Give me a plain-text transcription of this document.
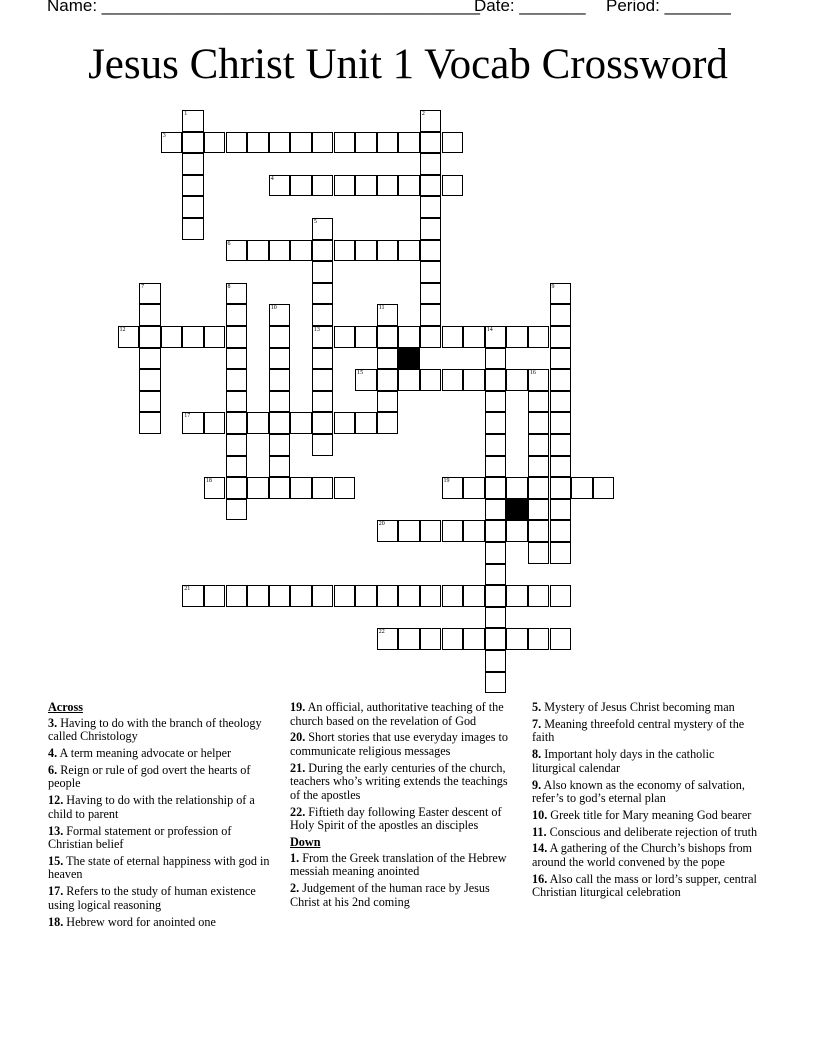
Name: ________________________________________
Date: _______ Period: _______
Jesus Christ Unit 1 Vocab Crossword
1	2
3
4
5
13
6
7	8	9
10	11
12	14
15	16
17
18	19
20
21
22
Across
3. Having to do with the branch of theology called Christology
4. A term meaning advocate or helper
6. Reign or rule of god overt the hearts of people
12. Having to do with the relationship of a child to parent
13. Formal statement or profession of Christian belief
15. The state of eternal happiness with god in heaven
17. Refers to the study of human existence using logical reasoning
18. Hebrew word for anointed one
19. An official, authoritative teaching of the church based on the revelation of God
20. Short stories that use everyday images to communicate religious messages
21. During the early centuries of the church, teachers who’s writing extends the teachings of the apostles
22. Fiftieth day following Easter descent of Holy Spirit of the apostles an disciples
Down
1. From the Greek translation of the Hebrew messiah meaning anointed
2. Judgement of the human race by Jesus Christ at his 2nd coming
5. Mystery of Jesus Christ becoming man
7. Meaning threefold central mystery of the faith
8. Important holy days in the catholic liturgical calendar
9. Also known as the economy of salvation, refer’s to god’s eternal plan
10. Greek title for Mary meaning God bearer
11. Conscious and deliberate rejection of truth
14. A gathering of the Church’s bishops from around the world convened by the pope
16. Also call the mass or lord’s supper, central Christian liturgical celebration
